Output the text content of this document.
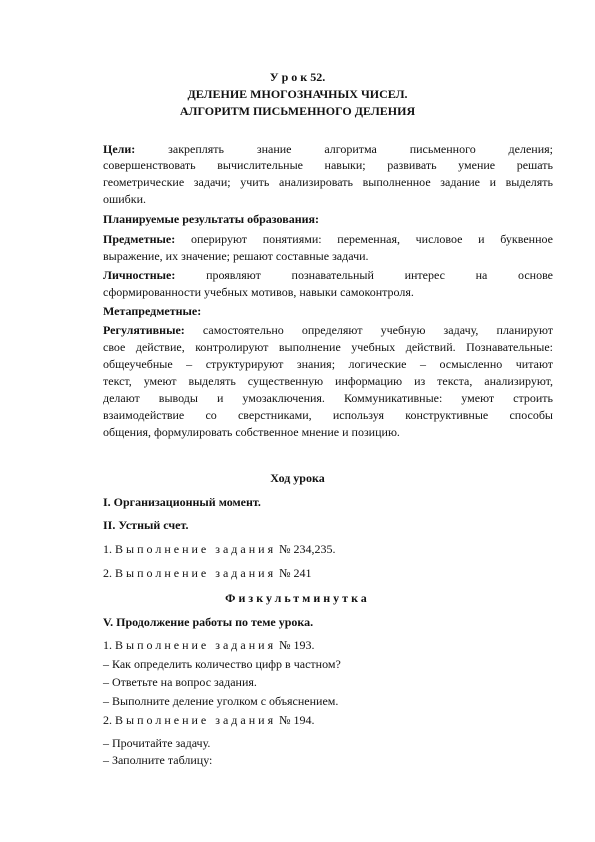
У р о к 52.
ДЕЛЕНИЕ МНОГОЗНАЧНЫХ ЧИСЕЛ.
АЛГОРИТМ ПИСЬМЕННОГО ДЕЛЕНИЯ
Цели:	закреплять знание алгоритма письменного деления;
совершенствовать вычислительные навыки; развивать умение решать
геометрические задачи; учить анализировать выполненное задание и выделять
ошибки.
Планируемые результаты образования:
Предметные: оперируют понятиями: переменная, числовое и буквенное
выражение, их значение; решают составные задачи.
Личностные:	проявляют познавательный интерес на основе
сформированности учебных мотивов, навыки самоконтроля.
Метапредметные:
Регулятивные: самостоятельно определяют учебную задачу, планируют
свое действие, контролируют выполнение учебных действий. Познавательные:
общеучебные – структурируют знания; логические – осмысленно читают
текст, умеют выделять существенную информацию из текста, анализируют,
делают выводы и умозаключения. Коммуникативные: умеют строить
взаимодействие со сверстниками, используя конструктивные способы
общения, формулировать собственное мнение и позицию.
Ход урока
I. Организационный момент.
II. Устный счет.
1. Выполнение задания № 234,235.
2. Выполнение задания № 241
Физкультминутка
V. Продолжение работы по теме урока.
1. Выполнение задания № 193.
– Как определить количество цифр в частном?
– Ответьте на вопрос задания.
– Выполните деление уголком с объяснением.
2. Выполнение задания № 194.
– Прочитайте задачу.
– Заполните таблицу:
